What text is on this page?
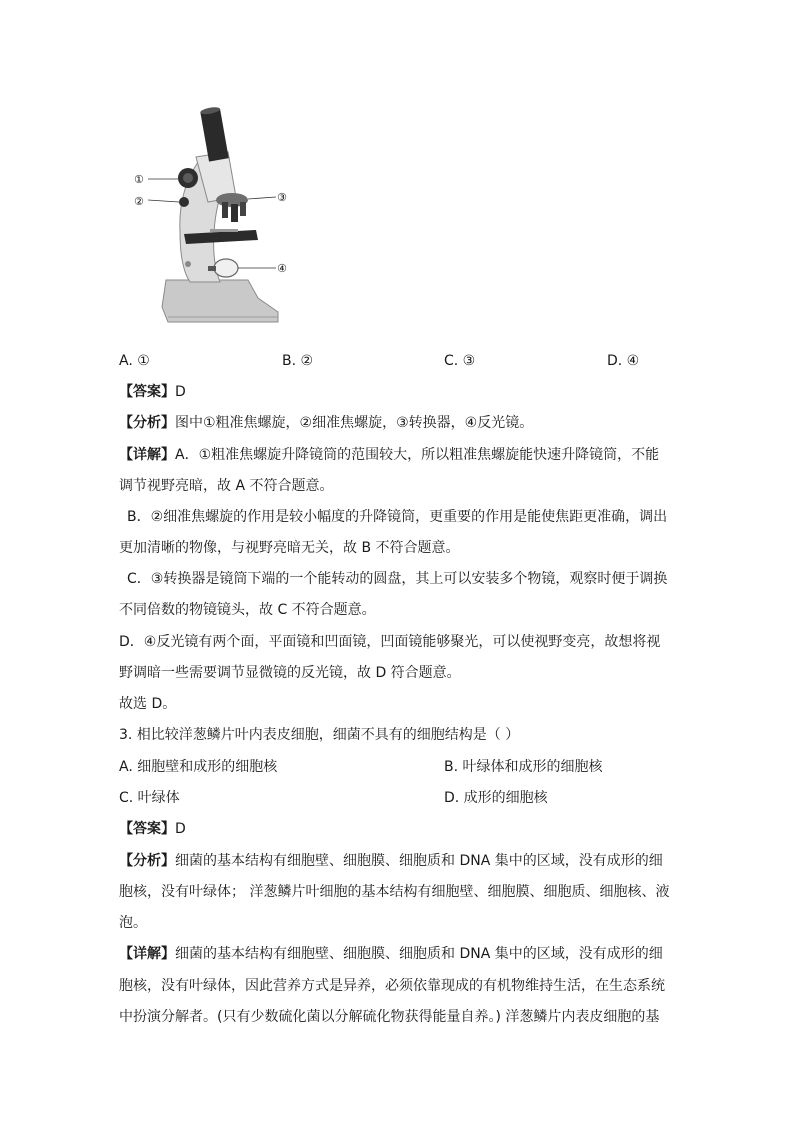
①
②	③
④
A. ①	B. ②	C. ③	D. ④
【答案】D
【分析】图中①粗准焦螺旋，②细准焦螺旋，③转换器，④反光镜。
【详解】A．①粗准焦螺旋升降镜筒的范围较大，所以粗准焦螺旋能快速升降镜筒，不能
调节视野亮暗，故 A 不符合题意。
B．②细准焦螺旋的作用是较小幅度的升降镜筒，更重要的作用是能使焦距更准确，调出
更加清晰的物像，与视野亮暗无关，故 B 不符合题意。
C．③转换器是镜筒下端的一个能转动的圆盘，其上可以安装多个物镜，观察时便于调换
不同倍数的物镜镜头，故 C 不符合题意。
D．④反光镜有两个面，平面镜和凹面镜，凹面镜能够聚光，可以使视野变亮，故想将视
野调暗一些需要调节显微镜的反光镜，故 D 符合题意。
故选 D。
3. 相比较洋葱鳞片叶内表皮细胞，细菌不具有的细胞结构是（ ）
A. 细胞壁和成形的细胞核	B. 叶绿体和成形的细胞核
C. 叶绿体	D. 成形的细胞核
【答案】D
【分析】细菌的基本结构有细胞壁、细胞膜、细胞质和 DNA 集中的区域，没有成形的细
胞核，没有叶绿体； 洋葱鳞片叶细胞的基本结构有细胞壁、细胞膜、细胞质、细胞核、液
泡。
【详解】细菌的基本结构有细胞壁、细胞膜、细胞质和 DNA 集中的区域，没有成形的细
胞核，没有叶绿体，因此营养方式是异养，必须依靠现成的有机物维持生活，在生态系统
中扮演分解者。(只有少数硫化菌以分解硫化物获得能量自养。) 洋葱鳞片内表皮细胞的基
